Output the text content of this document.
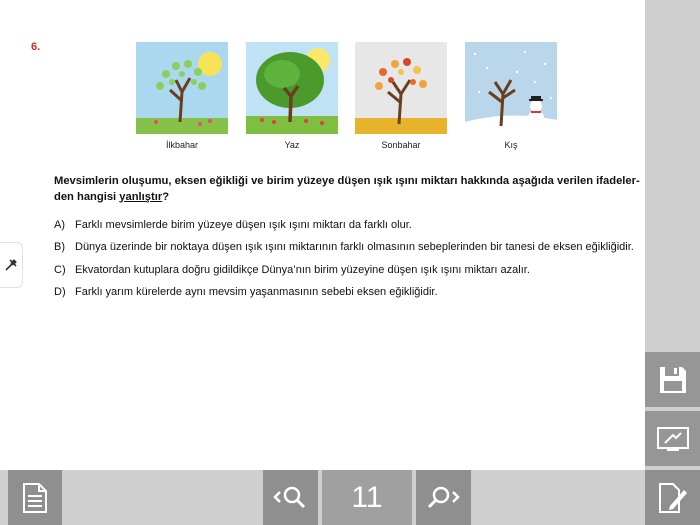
6.
İlkbahar	Yaz	Sonbahar	Kış
Mevsimlerin oluşumu, eksen eğikliği ve birim yüzeye düşen ışık ışını miktarı hakkında aşağıda verilen ifadeler-den hangisi yanlıştır?
A) Farklı mevsimlerde birim yüzeye düşen ışık ışını miktarı da farklı olur.
B) Dünya üzerinde bir noktaya düşen ışık ışını miktarının farklı olmasının sebeplerinden bir tanesi de eksen eğikliğidir.
C) Ekvatordan kutuplara doğru gidildikçe Dünya’nın birim yüzeyine düşen ışık ışını miktarı azalır.
D) Farklı yarım kürelerde aynı mevsim yaşanmasının sebebi eksen eğikliğidir.
11
